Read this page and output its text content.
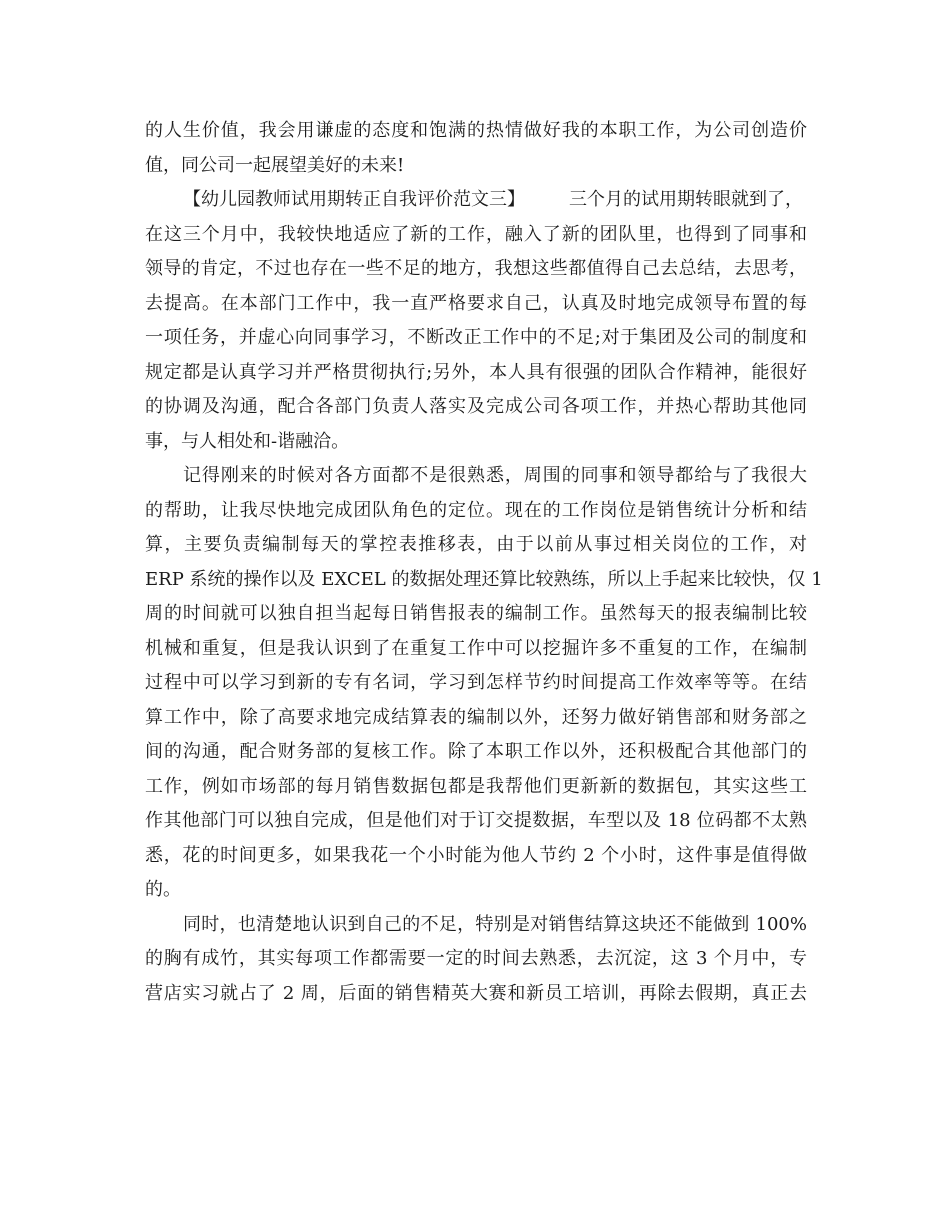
的人生价值，我会用谦虚的态度和饱满的热情做好我的本职工作，为公司创造价
值，同公司一起展望美好的未来!
【幼儿园教师试用期转正自我评价范文三】 三个月的试用期转眼就到了，
在这三个月中，我较快地适应了新的工作，融入了新的团队里，也得到了同事和
领导的肯定，不过也存在一些不足的地方，我想这些都值得自己去总结，去思考，
去提高。在本部门工作中，我一直严格要求自己，认真及时地完成领导布置的每
一项任务，并虚心向同事学习，不断改正工作中的不足;对于集团及公司的制度和
规定都是认真学习并严格贯彻执行;另外，本人具有很强的团队合作精神，能很好
的协调及沟通，配合各部门负责人落实及完成公司各项工作，并热心帮助其他同
事，与人相处和-谐融洽。
记得刚来的时候对各方面都不是很熟悉，周围的同事和领导都给与了我很大
的帮助，让我尽快地完成团队角色的定位。现在的工作岗位是销售统计分析和结
算，主要负责编制每天的掌控表推移表，由于以前从事过相关岗位的工作，对
ERP 系统的操作以及 EXCEL 的数据处理还算比较熟练，所以上手起来比较快，仅 1
周的时间就可以独自担当起每日销售报表的编制工作。虽然每天的报表编制比较
机械和重复，但是我认识到了在重复工作中可以挖掘许多不重复的工作，在编制
过程中可以学习到新的专有名词，学习到怎样节约时间提高工作效率等等。在结
算工作中，除了高要求地完成结算表的编制以外，还努力做好销售部和财务部之
间的沟通，配合财务部的复核工作。除了本职工作以外，还积极配合其他部门的
工作，例如市场部的每月销售数据包都是我帮他们更新新的数据包，其实这些工
作其他部门可以独自完成，但是他们对于订交提数据，车型以及 18 位码都不太熟
悉，花的时间更多，如果我花一个小时能为他人节约 2 个小时，这件事是值得做
的。
同时，也清楚地认识到自己的不足，特别是对销售结算这块还不能做到 100%
的胸有成竹，其实每项工作都需要一定的时间去熟悉，去沉淀，这 3 个月中，专
营店实习就占了 2 周，后面的销售精英大赛和新员工培训，再除去假期，真正去
